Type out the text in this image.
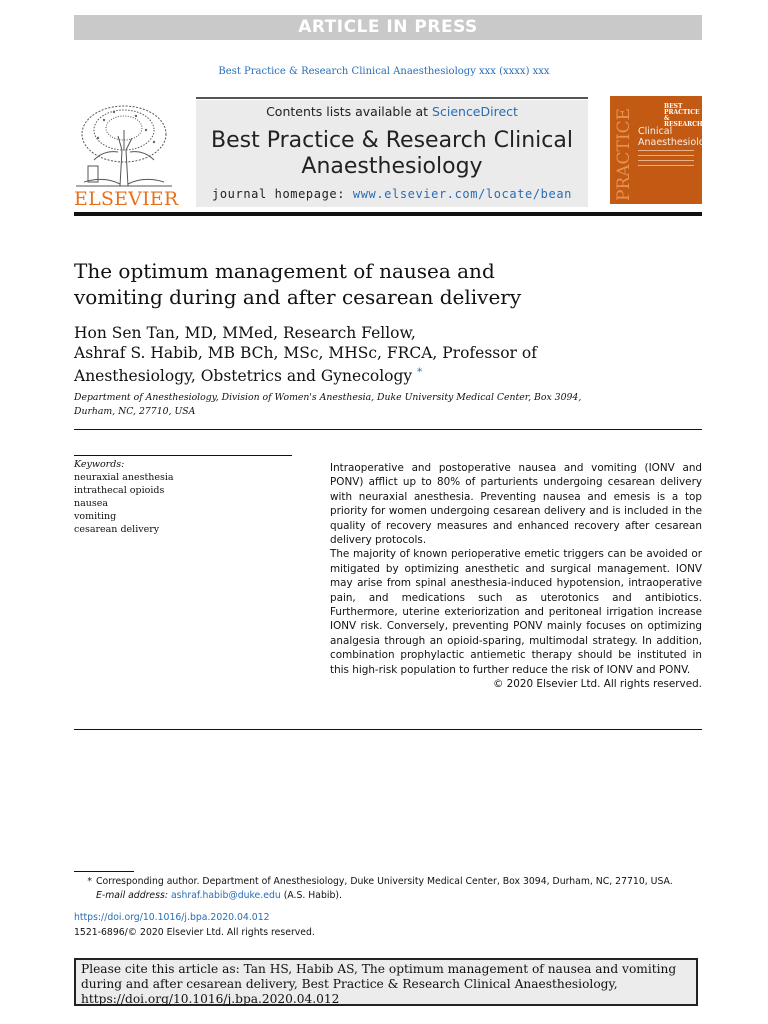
ARTICLE IN PRESS
Best Practice & Research Clinical Anaesthesiology xxx (xxxx) xxx
ELSEVIER
Contents lists available at ScienceDirect
Best Practice & Research Clinical
Anaesthesiology
journal homepage: www.elsevier.com/locate/bean	PRACTICE
BEST
PRACTICE
& RESEARCH
Clinical
Anaesthesiology
The optimum management of nausea and
vomiting during and after cesarean delivery
Hon Sen Tan, MD, MMed, Research Fellow,
Ashraf S. Habib, MB BCh, MSc, MHSc, FRCA, Professor of
Anesthesiology, Obstetrics and Gynecology *
Department of Anesthesiology, Division of Women's Anesthesia, Duke University Medical Center, Box 3094,
Durham, NC, 27710, USA
Keywords:
neuraxial anesthesia
intrathecal opioids
nausea
vomiting
cesarean delivery

Intraoperative and postoperative nausea and vomiting (IONV and PONV) afflict up to 80% of parturients undergoing cesarean delivery with neuraxial anesthesia. Preventing nausea and emesis is a top priority for women undergoing cesarean delivery and is included in the quality of recovery measures and enhanced recovery after cesarean delivery protocols.

The majority of known perioperative emetic triggers can be avoided or mitigated by optimizing anesthetic and surgical management. IONV may arise from spinal anesthesia-induced hypotension, intraoperative pain, and medications such as uterotonics and antibiotics. Furthermore, uterine exteriorization and peritoneal irrigation increase IONV risk. Conversely, preventing PONV mainly focuses on optimizing analgesia through an opioid-sparing, multimodal strategy. In addition, combination prophylactic antiemetic therapy should be instituted in this high-risk population to further reduce the risk of IONV and PONV.

© 2020 Elsevier Ltd. All rights reserved.

* Corresponding author. Department of Anesthesiology, Duke University Medical Center, Box 3094, Durham, NC, 27710, USA.
E-mail address: ashraf.habib@duke.edu (A.S. Habib).
https://doi.org/10.1016/j.bpa.2020.04.012
1521-6896/© 2020 Elsevier Ltd. All rights reserved.
Please cite this article as: Tan HS, Habib AS, The optimum management of nausea and vomiting during and after cesarean delivery, Best Practice & Research Clinical Anaesthesiology, https://doi.org/10.1016/j.bpa.2020.04.012
